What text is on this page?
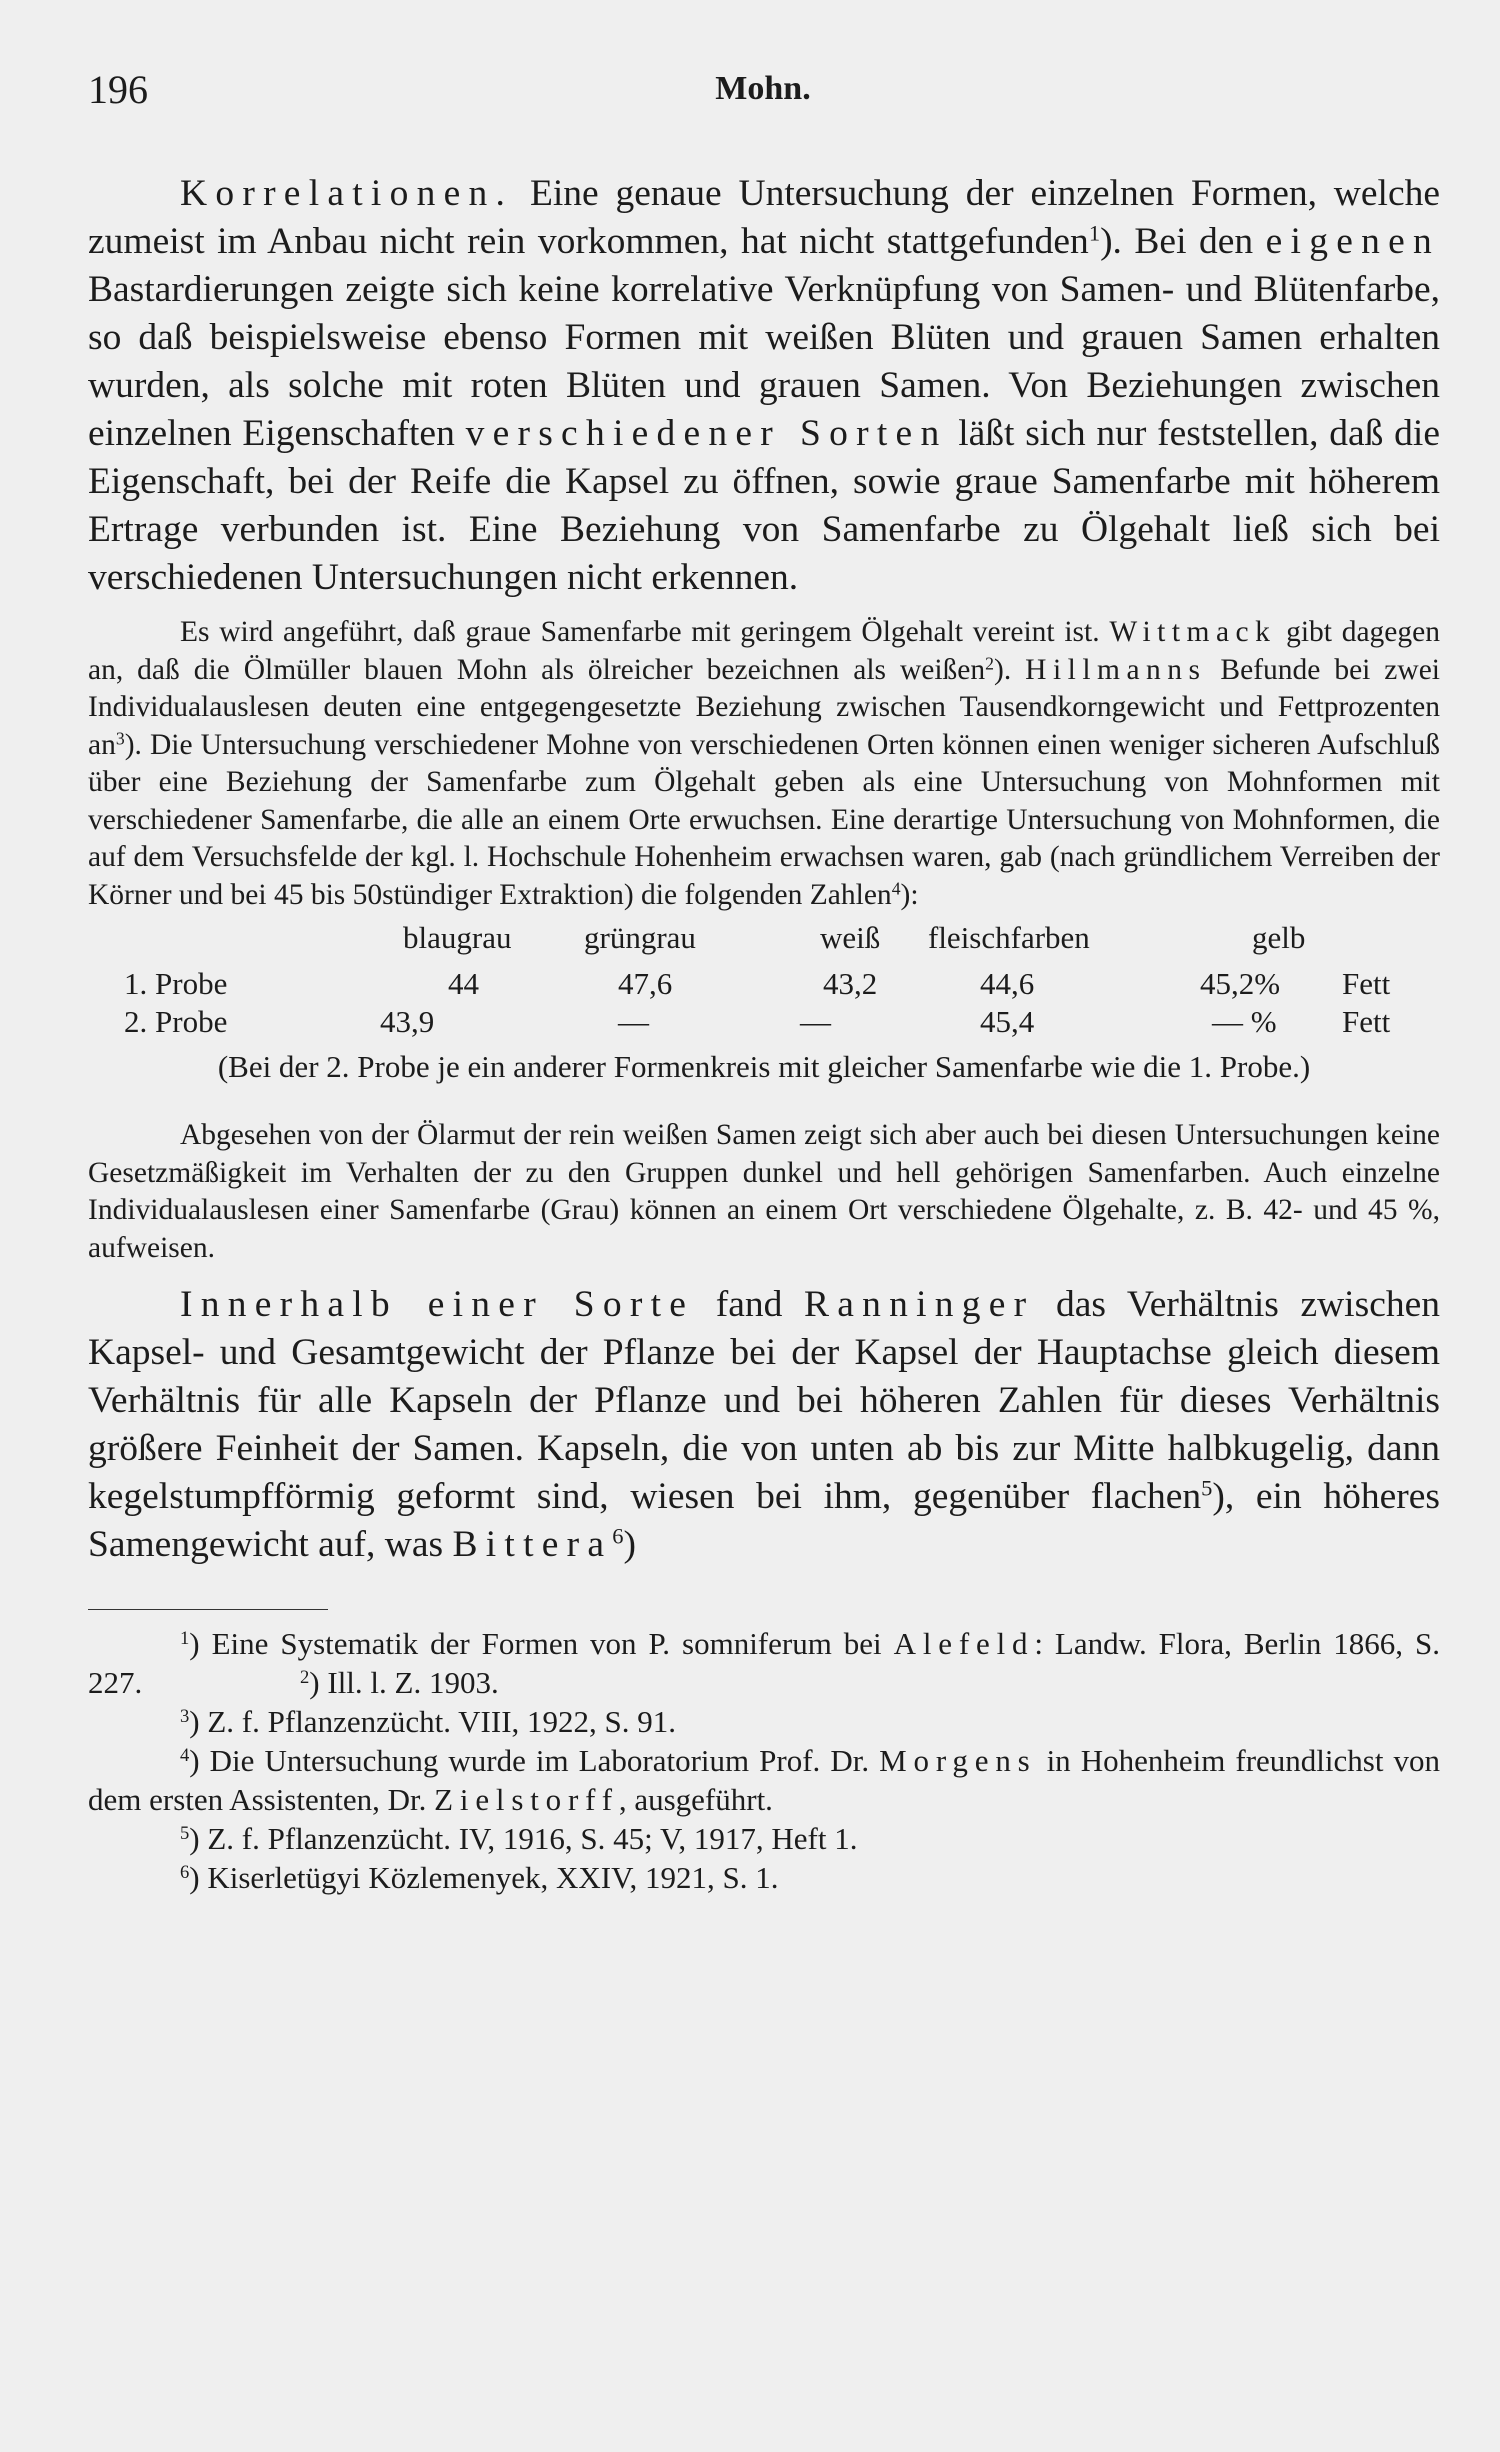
196	Mohn.

Korrelationen. Eine genaue Untersuchung der einzelnen Formen, welche zumeist im Anbau nicht rein vorkommen, hat nicht stattgefunden$^1$). Bei den eigenen Bastardierungen zeigte sich keine korrelative Verknüpfung von Samen- und Blütenfarbe, so daß beispielsweise ebenso Formen mit weißen Blüten und grauen Samen erhalten wurden, als solche mit roten Blüten und grauen Samen. Von Beziehungen zwischen einzelnen Eigenschaften verschiedener Sorten läßt sich nur feststellen, daß die Eigenschaft, bei der Reife die Kapsel zu öffnen, sowie graue Samenfarbe mit höherem Ertrage verbunden ist. Eine Beziehung von Samenfarbe zu Ölgehalt ließ sich bei verschiedenen Untersuchungen nicht erkennen.

Es wird angeführt, daß graue Samenfarbe mit geringem Ölgehalt vereint ist. Wittmack gibt dagegen an, daß die Ölmüller blauen Mohn als ölreicher bezeichnen als weißen$^2$). Hillmanns Befunde bei zwei Individualauslesen deuten eine entgegengesetzte Beziehung zwischen Tausendkorngewicht und Fettprozenten $an^3$). Die Untersuchung verschiedener Mohne von verschiedenen Orten können einen weniger sicheren Aufschluß über eine Beziehung der Samenfarbe zum Ölgehalt geben als eine Untersuchung von Mohnformen mit verschiedener Samenfarbe, die alle an einem Orte erwuchsen. Eine derartige Untersuchung von Mohnformen, die auf dem Versuchsfelde der kgl. l. Hochschule Hohenheim erwachsen waren, gab (nach gründlichem Verreiben der Körner und bei 45 bis 50stündiger Extraktion) die folgenden Zahlen$^4$):

blaugrau grüngrau	weiß fleischfarben	gelb
1. Probe	44	47,6	43,2	44,6	45,2% Fett
2. Probe	43,9	—	—	45,4	— % Fett

(Bei der 2. Probe je ein anderer Formenkreis mit gleicher Samenfarbe wie die 1. Probe.)

Abgesehen von der Ölarmut der rein weißen Samen zeigt sich aber auch bei diesen Untersuchungen keine Gesetzmäßigkeit im Verhalten der zu den Gruppen dunkel und hell gehörigen Samenfarben. Auch einzelne Individualauslesen einer Samenfarbe (Grau) können an einem Ort verschiedene Ölgehalte, z. B. 42- und 45 %, aufweisen.

Innerhalb einer Sorte fand Ranninger das Verhältnis zwischen Kapsel- und Gesamtgewicht der Pflanze bei der Kapsel der Hauptachse gleich diesem Verhältnis für alle Kapseln der Pflanze und bei höheren Zahlen für dieses Verhältnis größere Feinheit der Samen. Kapseln, die von unten ab bis zur Mitte halbkugelig, dann kegelstumpfförmig geformt sind, wiesen bei ihm, gegenüber flachen$^5$), ein höheres Samengewicht auf, was Bittera$^6$)

$^1$) Eine Systematik der Formen von P. somniferum bei Alefeld: Landw. Flora, Berlin 1866, S. 227.	$^2$) Ill. l. Z. 1903.

$^3$) Z. f. Pflanzenzücht. VIII, 1922, S. 91.

$^4$) Die Untersuchung wurde im Laboratorium Prof. Dr. Morgens in Hohenheim freundlichst von dem ersten Assistenten, Dr. Zielstorff, ausgeführt.

$^5$) Z. f. Pflanzenzücht. IV, 1916, S. 45; V, 1917, Heft 1.

$^6$) Kiserletügyi Közlemenyek, XXIV, 1921, S. 1.
